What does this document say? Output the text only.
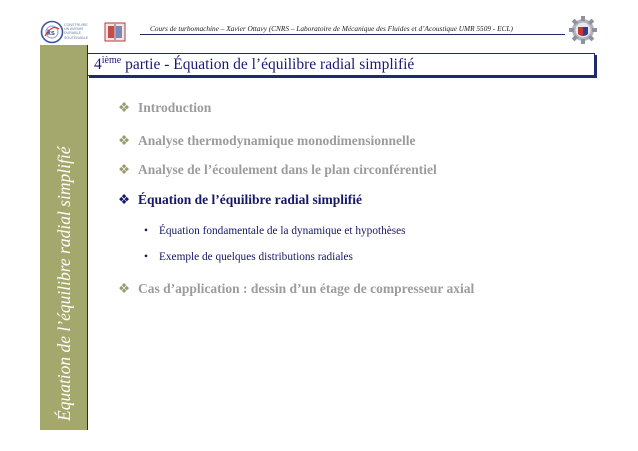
ks
CONSTRUIRE
UN AVENIR
DURABLE
SOUTENABLE
Cours de turbomachine – Xavier Ottavy (CNRS – Laboratoire de Mécanique des Fluides et d’Acoustique UMR 5509 - ECL)
Équation de l’équilibre radial simplifié
4ième partie - Équation de l’équilibre radial simplifié
❖ Introduction
❖ Analyse thermodynamique monodimensionnelle
❖ Analyse de l’écoulement dans le plan circonférentiel
❖ Équation de l’équilibre radial simplifié
• Équation fondamentale de la dynamique et hypothèses
• Exemple de quelques distributions radiales
❖ Cas d’application : dessin d’un étage de compresseur axial
